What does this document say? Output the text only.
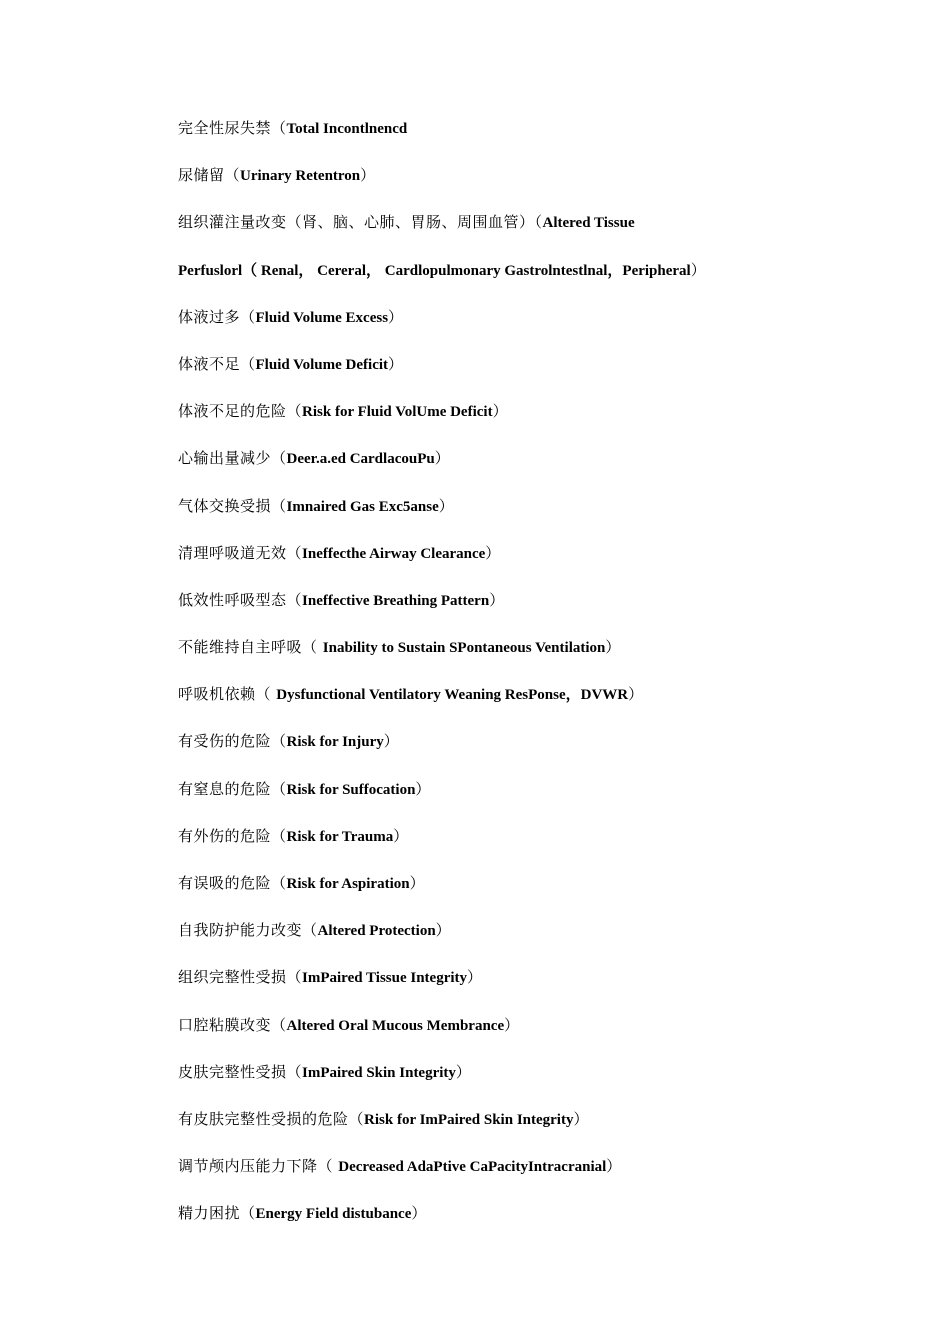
完全性尿失禁（Total Incontlnencd
尿储留（Urinary Retentron）
组织灌注量改变（肾、脑、心肺、胃肠、周围血管）（Altered Tissue
Perfuslorl（ Renal， Cereral， Cardlopulmonary Gastrolntestlnal，Peripheral）
体液过多（Fluid Volume Excess）
体液不足（Fluid Volume Deficit）
体液不足的危险（Risk for Fluid VolUme Deficit）
心输出量减少（Deer.a.ed CardlacouPu）
气体交换受损（Imnaired Gas Exc5anse）
清理呼吸道无效（Ineffecthe Airway Clearance）
低效性呼吸型态（Ineffective Breathing Pattern）
不能维持自主呼吸（ Inability to Sustain SPontaneous Ventilation）
呼吸机依赖（ Dysfunctional Ventilatory Weaning ResPonse，DVWR）
有受伤的危险（Risk for Injury）
有窒息的危险（Risk for Suffocation）
有外伤的危险（Risk for Trauma）
有误吸的危险（Risk for Aspiration）
自我防护能力改变（Altered Protection）
组织完整性受损（ImPaired Tissue Integrity）
口腔粘膜改变（Altered Oral Mucous Membrance）
皮肤完整性受损（ImPaired Skin Integrity）
有皮肤完整性受损的危险（Risk for ImPaired Skin Integrity）
调节颅内压能力下降（ Decreased AdaPtive CaPacityIntracranial）
精力困扰（Energy Field distubance）
